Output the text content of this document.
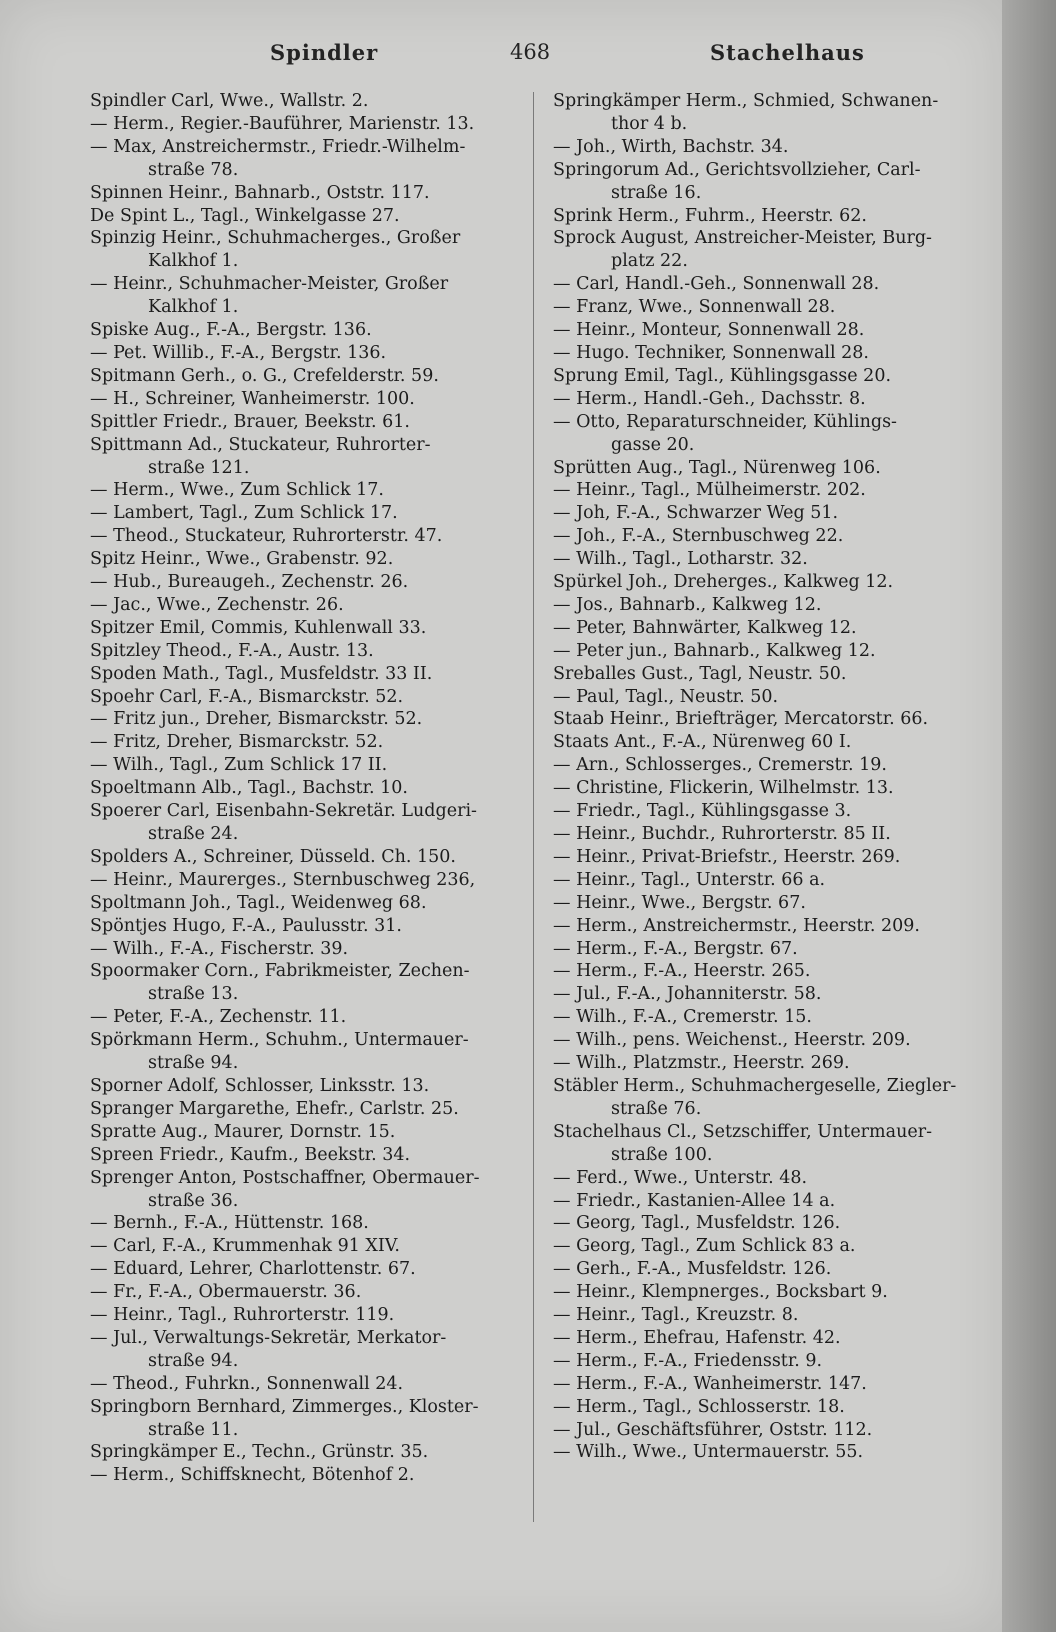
Spindler	468	Stachelhaus
Spindler Carl, Wwe., Wallstr. 2.
— Herm., Regier.-Bauführer, Marienstr. 13.
— Max, Anstreichermstr., Friedr.-Wilhelm-
straße 78.
Spinnen Heinr., Bahnarb., Oststr. 117.
De Spint L., Tagl., Winkelgasse 27.
Spinzig Heinr., Schuhmacherges., Großer
Kalkhof 1.
— Heinr., Schuhmacher-Meister, Großer
Kalkhof 1.
Spiske Aug., F.-A., Bergstr. 136.
— Pet. Willib., F.-A., Bergstr. 136.
Spitmann Gerh., o. G., Crefelderstr. 59.
— H., Schreiner, Wanheimerstr. 100.
Spittler Friedr., Brauer, Beekstr. 61.
Spittmann Ad., Stuckateur, Ruhrorter-
straße 121.
— Herm., Wwe., Zum Schlick 17.
— Lambert, Tagl., Zum Schlick 17.
— Theod., Stuckateur, Ruhrorterstr. 47.
Spitz Heinr., Wwe., Grabenstr. 92.
— Hub., Bureaugeh., Zechenstr. 26.
— Jac., Wwe., Zechenstr. 26.
Spitzer Emil, Commis, Kuhlenwall 33.
Spitzley Theod., F.-A., Austr. 13.
Spoden Math., Tagl., Musfeldstr. 33 II.
Spoehr Carl, F.-A., Bismarckstr. 52.
— Fritz jun., Dreher, Bismarckstr. 52.
— Fritz, Dreher, Bismarckstr. 52.
— Wilh., Tagl., Zum Schlick 17 II.
Spoeltmann Alb., Tagl., Bachstr. 10.
Spoerer Carl, Eisenbahn-Sekretär. Ludgeri-
straße 24.
Spolders A., Schreiner, Düsseld. Ch. 150.
— Heinr., Maurerges., Sternbuschweg 236,
Spoltmann Joh., Tagl., Weidenweg 68.
Spöntjes Hugo, F.-A., Paulusstr. 31.
— Wilh., F.-A., Fischerstr. 39.
Spoormaker Corn., Fabrikmeister, Zechen-
straße 13.
— Peter, F.-A., Zechenstr. 11.
Spörkmann Herm., Schuhm., Untermauer-
straße 94.
Sporner Adolf, Schlosser, Linksstr. 13.
Spranger Margarethe, Ehefr., Carlstr. 25.
Spratte Aug., Maurer, Dornstr. 15.
Spreen Friedr., Kaufm., Beekstr. 34.
Sprenger Anton, Postschaffner, Obermauer-
straße 36.
— Bernh., F.-A., Hüttenstr. 168.
— Carl, F.-A., Krummenhak 91 XIV.
— Eduard, Lehrer, Charlottenstr. 67.
— Fr., F.-A., Obermauerstr. 36.
— Heinr., Tagl., Ruhrorterstr. 119.
— Jul., Verwaltungs-Sekretär, Merkator-
straße 94.
— Theod., Fuhrkn., Sonnenwall 24.
Springborn Bernhard, Zimmerges., Kloster-
straße 11.
Springkämper E., Techn., Grünstr. 35.
— Herm., Schiffsknecht, Bötenhof 2.
Springkämper Herm., Schmied, Schwanen-
thor 4 b.
— Joh., Wirth, Bachstr. 34.
Springorum Ad., Gerichtsvollzieher, Carl-
straße 16.
Sprink Herm., Fuhrm., Heerstr. 62.
Sprock August, Anstreicher-Meister, Burg-
platz 22.
— Carl, Handl.-Geh., Sonnenwall 28.
— Franz, Wwe., Sonnenwall 28.
— Heinr., Monteur, Sonnenwall 28.
— Hugo. Techniker, Sonnenwall 28.
Sprung Emil, Tagl., Kühlingsgasse 20.
— Herm., Handl.-Geh., Dachsstr. 8.
— Otto, Reparaturschneider, Kühlings-
gasse 20.
Sprütten Aug., Tagl., Nürenweg 106.
— Heinr., Tagl., Mülheimerstr. 202.
— Joh, F.-A., Schwarzer Weg 51.
— Joh., F.-A., Sternbuschweg 22.
— Wilh., Tagl., Lotharstr. 32.
Spürkel Joh., Dreherges., Kalkweg 12.
— Jos., Bahnarb., Kalkweg 12.
— Peter, Bahnwärter, Kalkweg 12.
— Peter jun., Bahnarb., Kalkweg 12.
Sreballes Gust., Tagl, Neustr. 50.
— Paul, Tagl., Neustr. 50.
Staab Heinr., Briefträger, Mercatorstr. 66.
Staats Ant., F.-A., Nürenweg 60 I.
— Arn., Schlosserges., Cremerstr. 19.
— Christine, Flickerin, Wilhelmstr. 13.
— Friedr., Tagl., Kühlingsgasse 3.
— Heinr., Buchdr., Ruhrorterstr. 85 II.
— Heinr., Privat-Briefstr., Heerstr. 269.
— Heinr., Tagl., Unterstr. 66 a.
— Heinr., Wwe., Bergstr. 67.
— Herm., Anstreichermstr., Heerstr. 209.
— Herm., F.-A., Bergstr. 67.
— Herm., F.-A., Heerstr. 265.
— Jul., F.-A., Johanniterstr. 58.
— Wilh., F.-A., Cremerstr. 15.
— Wilh., pens. Weichenst., Heerstr. 209.
— Wilh., Platzmstr., Heerstr. 269.
Stäbler Herm., Schuhmachergeselle, Ziegler-
straße 76.
Stachelhaus Cl., Setzschiffer, Untermauer-
straße 100.
— Ferd., Wwe., Unterstr. 48.
— Friedr., Kastanien-Allee 14 a.
— Georg, Tagl., Musfeldstr. 126.
— Georg, Tagl., Zum Schlick 83 a.
— Gerh., F.-A., Musfeldstr. 126.
— Heinr., Klempnerges., Bocksbart 9.
— Heinr., Tagl., Kreuzstr. 8.
— Herm., Ehefrau, Hafenstr. 42.
— Herm., F.-A., Friedensstr. 9.
— Herm., F.-A., Wanheimerstr. 147.
— Herm., Tagl., Schlosserstr. 18.
— Jul., Geschäftsführer, Oststr. 112.
— Wilh., Wwe., Untermauerstr. 55.
